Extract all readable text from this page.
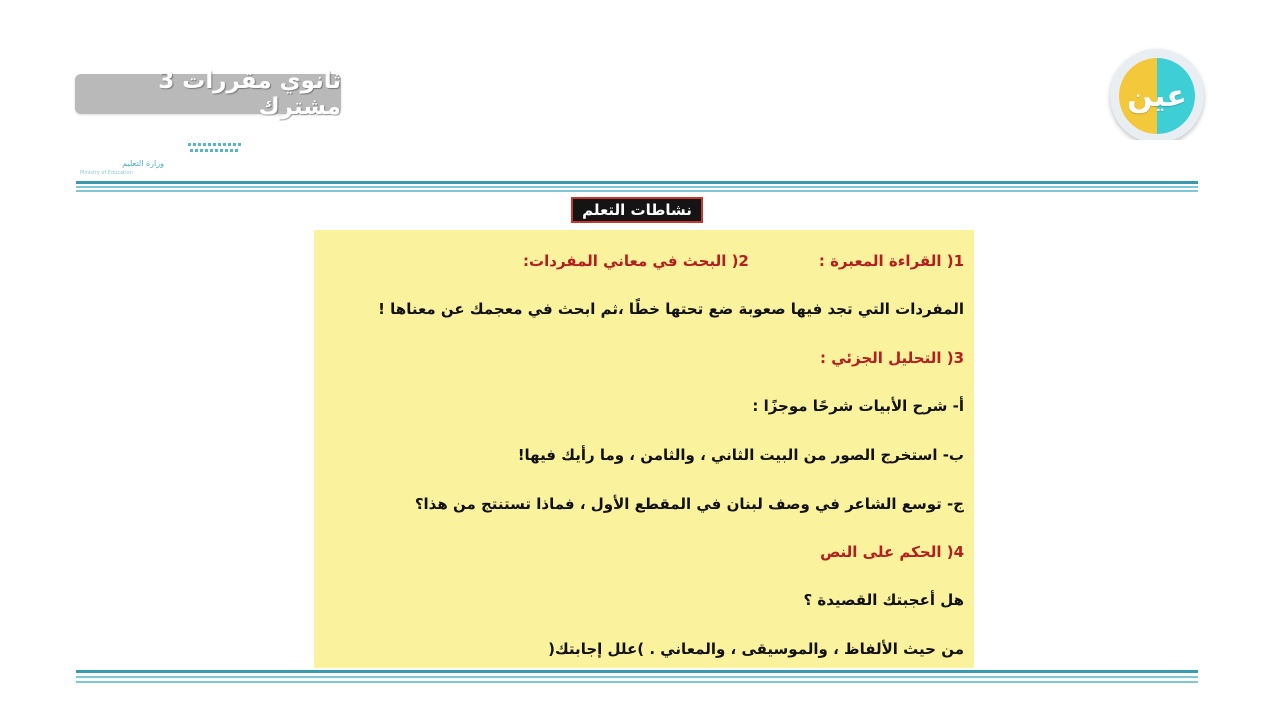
ثانوي مقررات 3 مشترك	عين
وزارة التعليم
Ministry of Education
نشاطات التعلم
1( القراءة المعبرة :2( البحث في معاني المفردات:
المفردات التي تجد فيها صعوبة ضع تحتها خطًا ،ثم ابحث في معجمك عن معناها !
3( التحليل الجزئي :
أ- شرح الأبيات شرحًا موجزًا :
ب- استخرج الصور من البيت الثاني ، والثامن ، وما رأيك فيها!
ج- توسع الشاعر في وصف لبنان في المقطع الأول ، فماذا تستنتج من هذا؟
4( الحكم على النص
هل أعجبتك القصيدة ؟
من حيث الألفاظ ، والموسيقى ، والمعاني . )علل إجابتك(
